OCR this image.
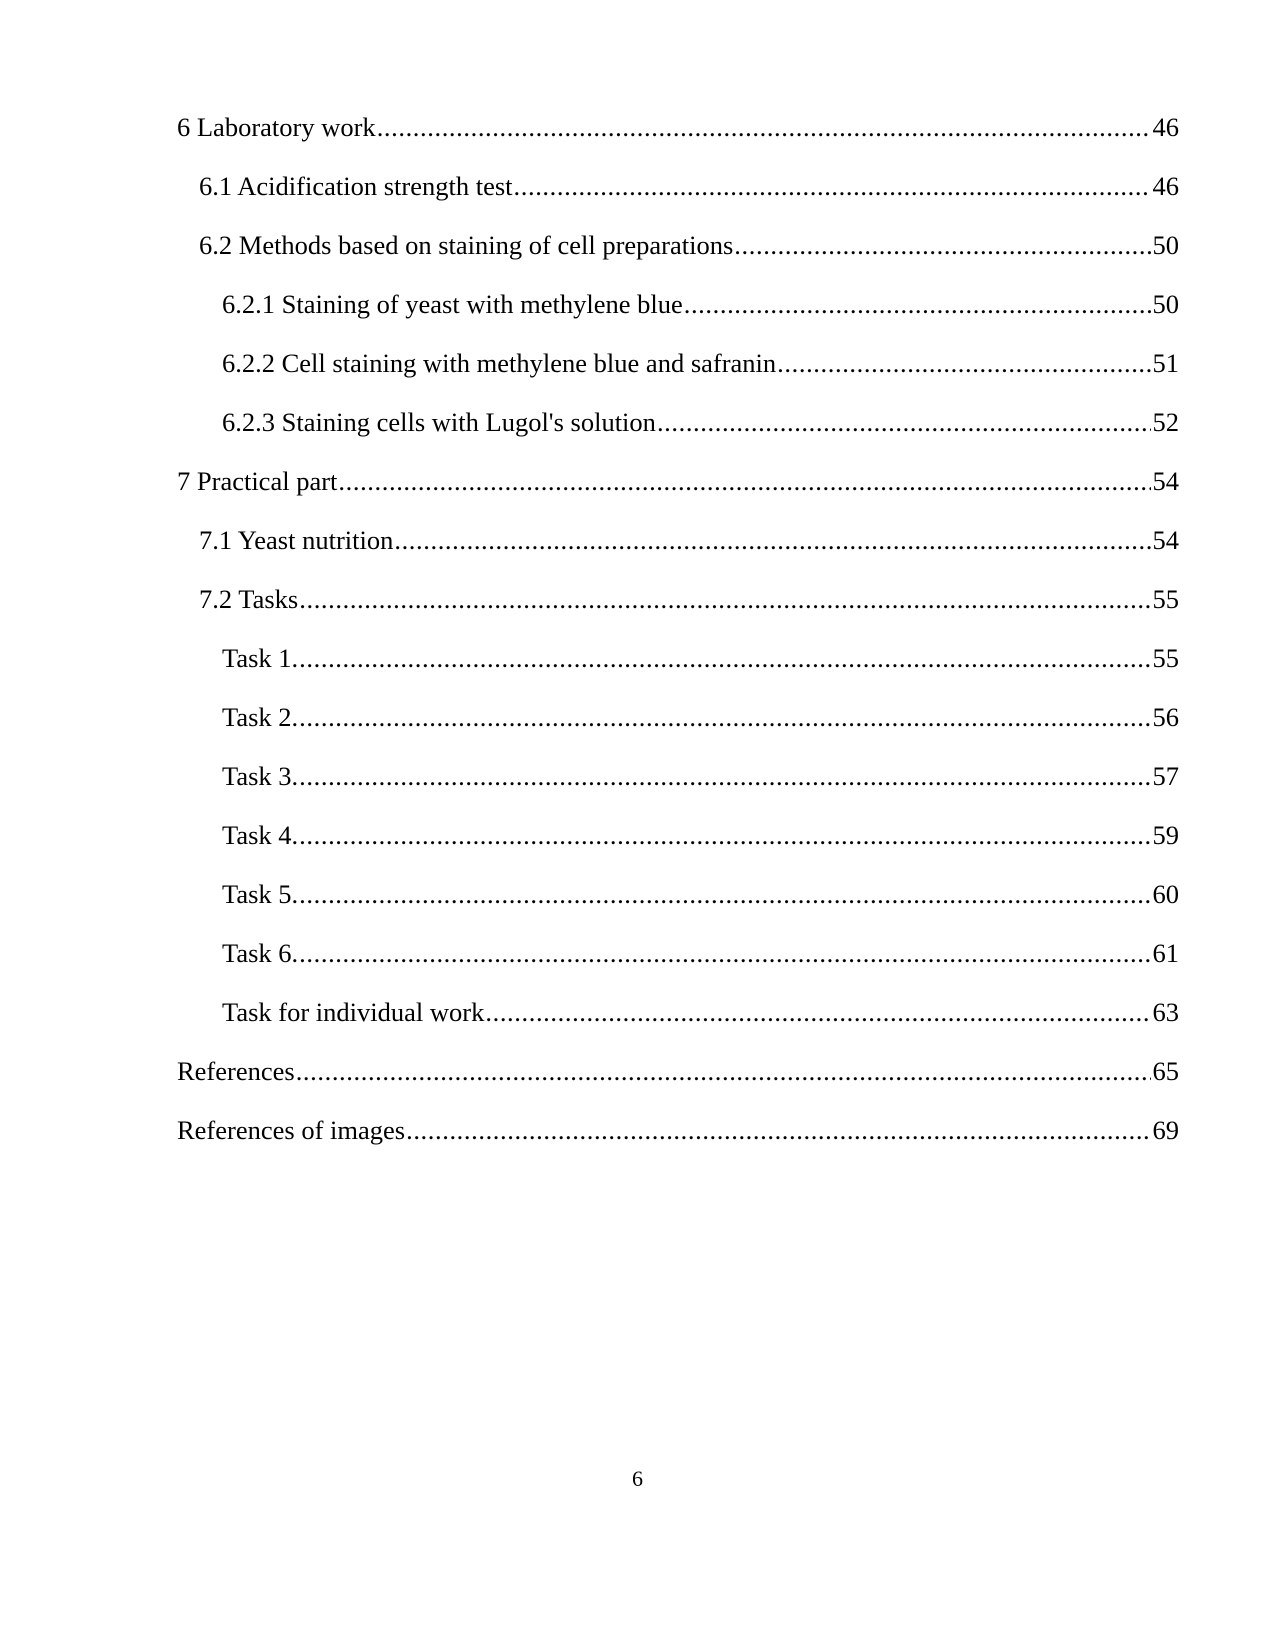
6 Laboratory work .....	46
6.1 Acidification strength test .....	46
6.2 Methods based on staining of cell preparations .....	50
6.2.1 Staining of yeast with methylene blue .....	50
6.2.2 Cell staining with methylene blue and safranin .....	51
6.2.3 Staining cells with Lugol's solution .....	52
7 Practical part .....	54
7.1 Yeast nutrition .....	54
7.2 Tasks .....	55
Task 1. .....	55
Task 2. .....	56
Task 3. .....	57
Task 4. .....	59
Task 5. .....	60
Task 6. .....	61
Task for individual work .....	63
References .....	65
References of images .....	69
6
